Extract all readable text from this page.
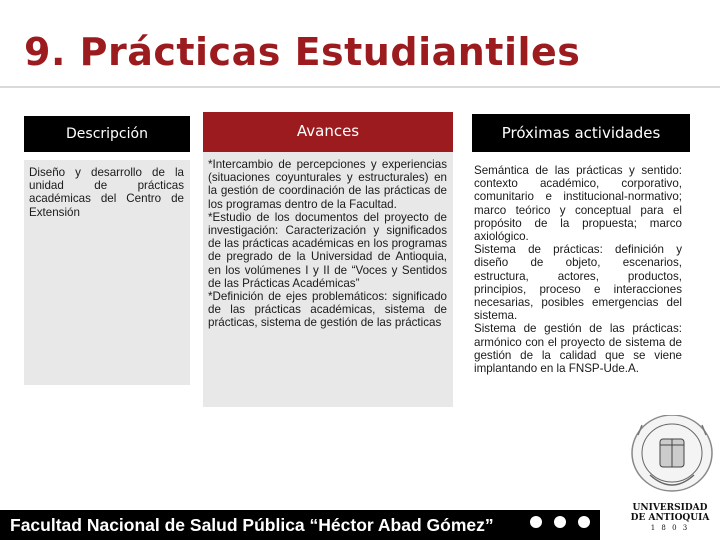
9. Prácticas Estudiantiles
Descripción	Avances	Próximas actividades
Diseño y desarrollo de la unidad de prácticas académicas del Centro de Extensión
*Intercambio de percepciones y experiencias (situaciones coyunturales y estructurales) en la gestión de coordinación de las prácticas de los programas dentro de la Facultad.
*Estudio de los documentos del proyecto de investigación: Caracterización y significados de las prácticas académicas en los programas de pregrado de la Universidad de Antioquia, en los volúmenes I y II de “Voces y Sentidos de las Prácticas Académicas”
*Definición de ejes problemáticos: significado de las prácticas académicas, sistema de prácticas, sistema de gestión de las prácticas
Semántica de las prácticas y sentido: contexto académico, corporativo, comunitario e institucional-normativo; marco teórico y conceptual para el propósito de la propuesta; marco axiológico.
Sistema de prácticas: definición y diseño de objeto, escenarios, estructura, actores, productos, principios, proceso e interacciones necesarias, posibles emergencias del sistema.
Sistema de gestión de las prácticas: armónico con el proyecto de sistema de gestión de la calidad que se viene implantando en la FNSP-Ude.A.
Facultad Nacional de Salud Pública “Héctor Abad Gómez”
UNIVERSIDAD
DE ANTIOQUIA
1 8 0 3
